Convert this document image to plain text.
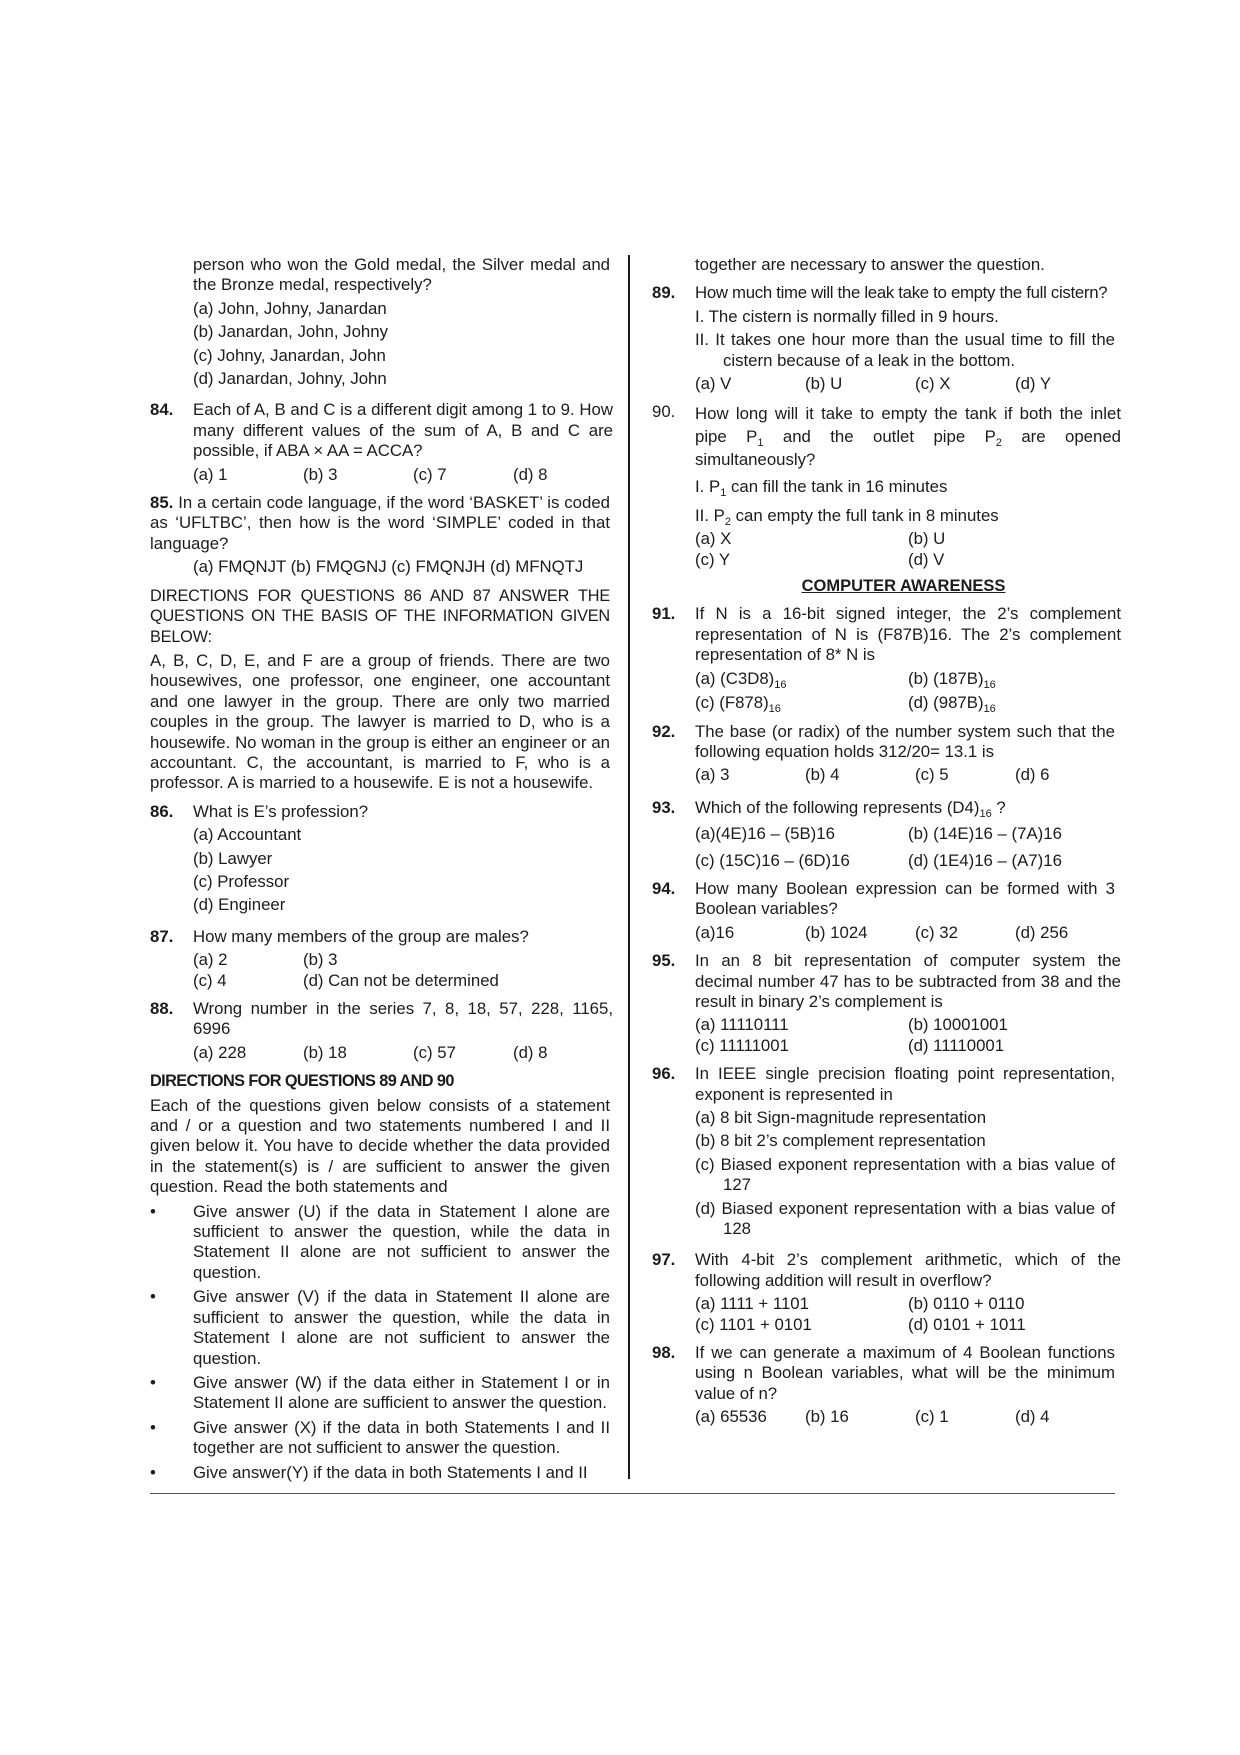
person who won the Gold medal, the Silver medal and the Bronze medal, respectively?

(a) John, Johny, Janardan
(b) Janardan, John, Johny
(c) Johny, Janardan, John
(d) Janardan, Johny, John
84.	Each of A, B and C is a different digit among 1 to 9. How many different values of the sum of A, B and C are possible, if ABA × AA = ACCA?

(a) 1	(b) 3	(c) 7	(d) 8
85. In a certain code language, if the word ‘BASKET’ is coded as ‘UFLTBC’, then how is the word ‘SIMPLE’ coded in that language?
(a) FMQNJT (b) FMQGNJ (c) FMQNJH (d) MFNQTJ
DIRECTIONS FOR QUESTIONS 86 AND 87 ANSWER THE QUESTIONS ON THE BASIS OF THE INFORMATION GIVEN BELOW:
A, B, C, D, E, and F are a group of friends. There are two housewives, one professor, one engineer, one accountant and one lawyer in the group. There are only two married couples in the group. The lawyer is married to D, who is a housewife. No woman in the group is either an engineer or an accountant. C, the accountant, is married to F, who is a professor. A is married to a housewife. E is not a housewife.
86.	What is E’s profession?

(a) Accountant
(b) Lawyer
(c) Professor
(d) Engineer
87.	How many members of the group are males?

(a) 2	(b) 3
(c) 4	(d) Can not be determined
88.	Wrong number in the series 7, 8, 18, 57, 228, 1165, 6996

(a) 228	(b) 18	(c) 57	(d) 8
DIRECTIONS FOR QUESTIONS 89 AND 90
Each of the questions given below consists of a statement and / or a question and two statements numbered I and II given below it. You have to decide whether the data provided in the statement(s) is / are sufficient to answer the given question. Read the both statements and
•	Give answer (U) if the data in Statement I alone are sufficient to answer the question, while the data in Statement II alone are not sufficient to answer the question.
•	Give answer (V) if the data in Statement II alone are sufficient to answer the question, while the data in Statement I alone are not sufficient to answer the question.
•	Give answer (W) if the data either in Statement I or in Statement II alone are sufficient to answer the question.
•	Give answer (X) if the data in both Statements I and II together are not sufficient to answer the question.
•	Give answer(Y) if the data in both Statements I and II
together are necessary to answer the question.
89.	How much time will the leak take to empty the full cistern?

I. The cistern is normally filled in 9 hours.

II. It takes one hour more than the usual time to fill the cistern because of a leak in the bottom.

(a) V	(b) U	(c) X	(d) Y
90.	How long will it take to empty the tank if both the inlet pipe $P_1$ and the outlet pipe $P_2$ are opened simultaneously?

I. $P_1$ can fill the tank in 16 minutes

II. $P_2$ can empty the full tank in 8 minutes

(a) X	(b) U
(c) Y	(d) V
COMPUTER AWARENESS
91.	If N is a 16-bit signed integer, the 2’s complement representation of N is (F87B)16. The 2’s complement representation of 8* N is

(a) $(C3D8)_{16}$	(b) $(187B)_{16}$
(c) $(F878)_{16}$	(d) $(987B)_{16}$
92.	The base (or radix) of the number system such that the following equation holds 312/20= 13.1 is

(a) 3	(b) 4	(c) 5	(d) 6
93.	Which of the following represents $(D4)_{16}$ ?

(a)(4E)16 – (5B)16	(b) (14E)16 – (7A)16
(c) (15C)16 – (6D)16	(d) (1E4)16 – (A7)16
94.	How many Boolean expression can be formed with 3 Boolean variables?

(a)16	(b) 1024	(c) 32	(d) 256
95.	In an 8 bit representation of computer system the decimal number 47 has to be subtracted from 38 and the result in binary 2’s complement is

(a) 11110111	(b) 10001001
(c) 11111001	(d) 11110001
96.	In IEEE single precision floating point representation, exponent is represented in

(a) 8 bit Sign-magnitude representation
(b) 8 bit 2’s complement representation
(c) Biased exponent representation with a bias value of 127
(d) Biased exponent representation with a bias value of 128
97.	With 4-bit 2’s complement arithmetic, which of the following addition will result in overflow?

(a) 1111 + 1101	(b) 0110 + 0110
(c) 1101 + 0101	(d) 0101 + 1011
98.	If we can generate a maximum of 4 Boolean functions using n Boolean variables, what will be the minimum value of n?

(a) 65536	(b) 16	(c) 1	(d) 4
